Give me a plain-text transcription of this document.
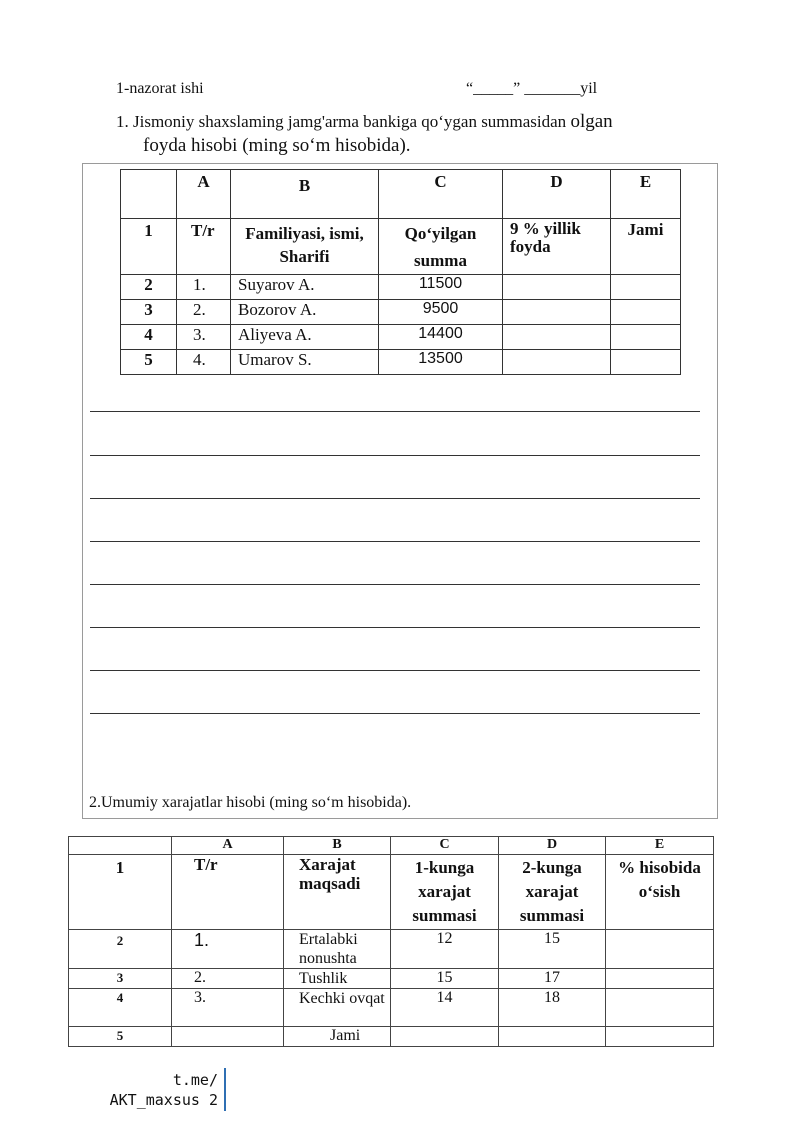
1-nazorat ishi	“_____” _______yil
1. Jismoniy shaxslaming jamg'arma bankiga qo‘ygan summasidan olgan
foyda hisobi (ming so‘m hisobida).
	A	B	C	D	E
1	T/r	Familiyasi, ismi, Sharifi	Qo‘yilgan summa	9 % yillik foyda	Jami
2	1.	Suyarov A.	11500		
3	2.	Bozorov A.	9500		
4	3.	Aliyeva A.	14400		
5	4.	Umarov S.	13500		
2.Umumiy xarajatlar hisobi (ming so‘m hisobida).
	A	B	C	D	E
1	T/r	Xarajat maqsadi	1-kunga xarajat summasi	2-kunga xarajat summasi	% hisobida o‘sish
2	1.	Ertalabki nonushta	12	15	
3	2.	Tushlik	15	17	
4	3.	Kechki ovqat	14	18	
5		Jami			
t.me/
AKT_maxsus 2
